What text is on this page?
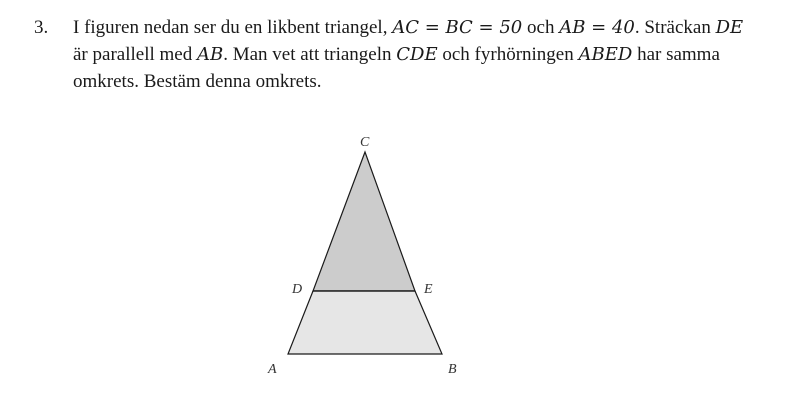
3. I figuren nedan ser du en likbent triangel, AC = BC = 50 och AB = 40. Sträckan DE
är parallell med AB. Man vet att triangeln CDE och fyrhörningen ABED har samma
omkrets. Bestäm denna omkrets.
C
D	E
A	B
